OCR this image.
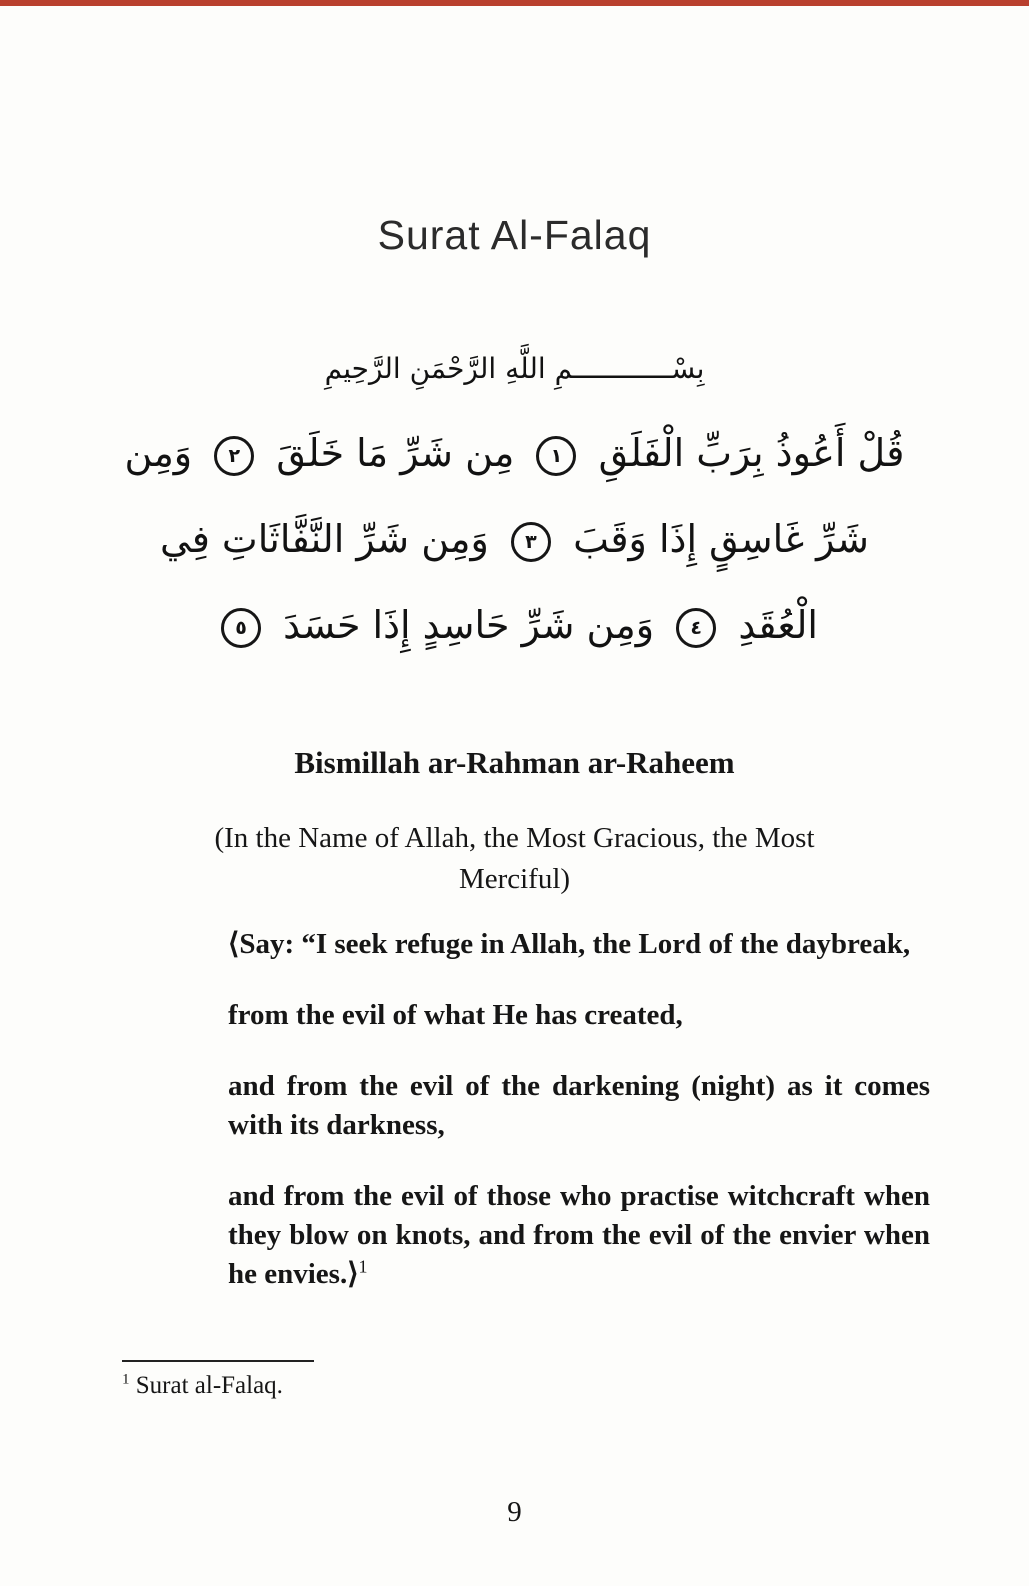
Surat Al-Falaq
بِسْــــــــــــمِ اللَّهِ الرَّحْمَنِ الرَّحِيمِ
قُلْ أَعُوذُ بِرَبِّ الْفَلَقِ ١ مِن شَرِّ مَا خَلَقَ ٢ وَمِن
شَرِّ غَاسِقٍ إِذَا وَقَبَ ٣ وَمِن شَرِّ النَّفَّاثَاتِ فِي
الْعُقَدِ ٤ وَمِن شَرِّ حَاسِدٍ إِذَا حَسَدَ ٥
Bismillah ar-Rahman ar-Raheem

(In the Name of Allah, the Most Gracious, the Most Merciful)

⟨Say: “I seek refuge in Allah, the Lord of the daybreak,

from the evil of what He has created,

and from the evil of the darkening (night) as it comes with its darkness,

and from the evil of those who practise witchcraft when they blow on knots, and from the evil of the envier when he envies.⟩$^1$

$^1$ Surat al-Falaq.

9
